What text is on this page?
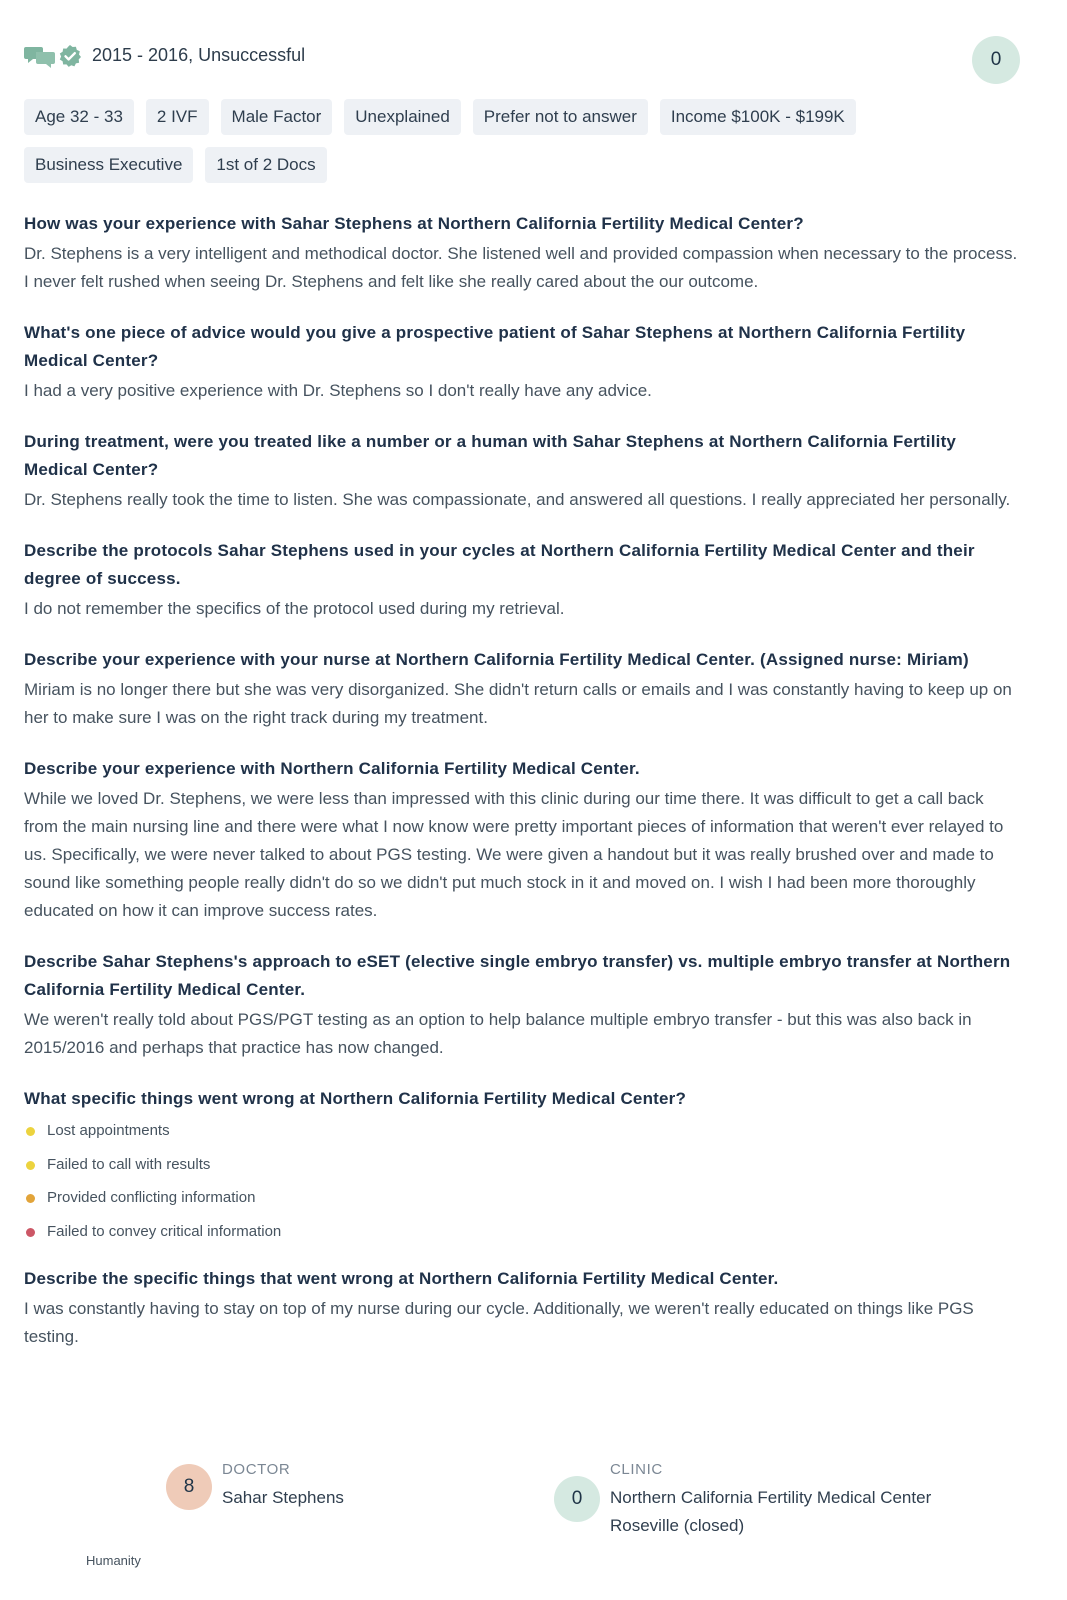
2015 - 2016, Unsuccessful	0
Age 32 - 33	2 IVF	Male Factor	Unexplained	Prefer not to answer	Income $100K - $199K
Business Executive	1st of 2 Docs
How was your experience with Sahar Stephens at Northern California Fertility Medical Center?
Dr. Stephens is a very intelligent and methodical doctor. She listened well and provided compassion when necessary to the process. I never felt rushed when seeing Dr. Stephens and felt like she really cared about the our outcome.
What's one piece of advice would you give a prospective patient of Sahar Stephens at Northern California Fertility Medical Center?
I had a very positive experience with Dr. Stephens so I don't really have any advice.
During treatment, were you treated like a number or a human with Sahar Stephens at Northern California Fertility Medical Center?
Dr. Stephens really took the time to listen. She was compassionate, and answered all questions. I really appreciated her personally.
Describe the protocols Sahar Stephens used in your cycles at Northern California Fertility Medical Center and their degree of success.
I do not remember the specifics of the protocol used during my retrieval.
Describe your experience with your nurse at Northern California Fertility Medical Center. (Assigned nurse: Miriam)
Miriam is no longer there but she was very disorganized. She didn't return calls or emails and I was constantly having to keep up on her to make sure I was on the right track during my treatment.
Describe your experience with Northern California Fertility Medical Center.
While we loved Dr. Stephens, we were less than impressed with this clinic during our time there. It was difficult to get a call back from the main nursing line and there were what I now know were pretty important pieces of information that weren't ever relayed to us. Specifically, we were never talked to about PGS testing. We were given a handout but it was really brushed over and made to sound like something people really didn't do so we didn't put much stock in it and moved on. I wish I had been more thoroughly educated on how it can improve success rates.
Describe Sahar Stephens's approach to eSET (elective single embryo transfer) vs. multiple embryo transfer at Northern California Fertility Medical Center.
We weren't really told about PGS/PGT testing as an option to help balance multiple embryo transfer - but this was also back in 2015/2016 and perhaps that practice has now changed.
What specific things went wrong at Northern California Fertility Medical Center?
Lost appointments
Failed to call with results
Provided conflicting information
Failed to convey critical information
Describe the specific things that went wrong at Northern California Fertility Medical Center.
I was constantly having to stay on top of my nurse during our cycle. Additionally, we weren't really educated on things like PGS testing.
8
DOCTOR
Sahar Stephens	0
CLINIC
Northern California Fertility Medical Center
Roseville (closed)
Humanity
